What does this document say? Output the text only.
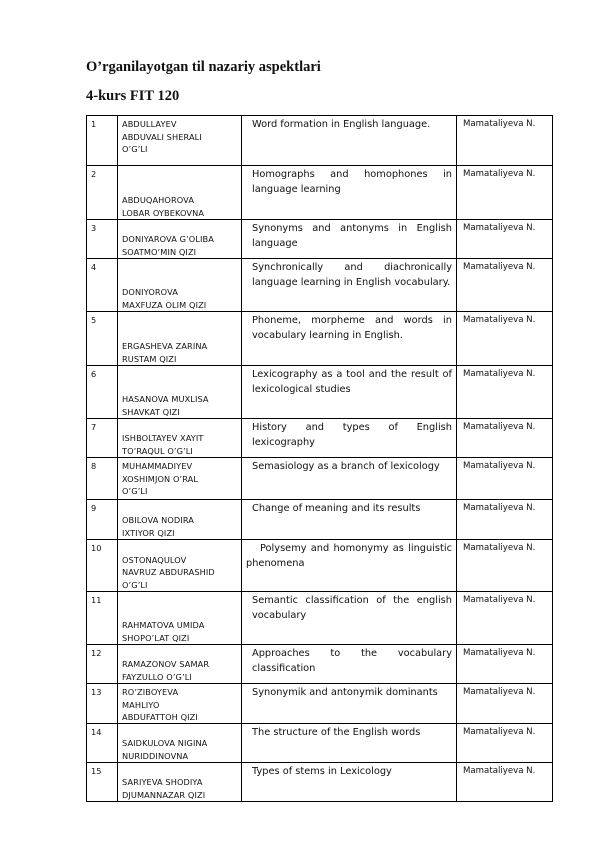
O’rganilayotgan til nazariy aspektlari

4-kurs FIT 120

1	ABDULLAYEV
ABDUVALI SHERALI
O’G’LI	Word formation in English language.	Mamataliyeva N.
2	ABDUQAHOROVA
LOBAR OYBEKOVNA	Homographs and homophones in language learning	Mamataliyeva N.
3	DONIYAROVA G’OLIBA
SOATMO’MIN QIZI	Synonyms and antonyms in English language	Mamataliyeva N.
4	DONIYOROVA
MAXFUZA OLIM QIZI	Synchronically and diachronically language learning in English vocabulary.	Mamataliyeva N.
5	ERGASHEVA ZARINA
RUSTAM QIZI	Phoneme, morpheme and words in vocabulary learning in English.	Mamataliyeva N.
6	HASANOVA MUXLISA
SHAVKAT QIZI	Lexicography as a tool and the result of lexicological studies	Mamataliyeva N.
7	ISHBOLTAYEV XAYIT
TO’RAQUL O’G’LI	History and types of English lexicography	Mamataliyeva N.
8	MUHAMMADIYEV
XOSHIMJON O’RAL
O’G’LI	Semasiology as a branch of lexicology	Mamataliyeva N.
9	OBILOVA NODIRA
IXTIYOR QIZI	Change of meaning and its results	Mamataliyeva N.
10	OSTONAQULOV
NAVRUZ ABDURASHID
O’G’LI	Polysemy and homonymy as linguistic phenomena	Mamataliyeva N.
11	RAHMATOVA UMIDA
SHOPO’LAT QIZI	Semantic classification of the english vocabulary	Mamataliyeva N.
12	RAMAZONOV SAMAR
FAYZULLO O’G’LI	Approaches to the vocabulary classification	Mamataliyeva N.
13	RO’ZIBOYEVA
MAHLIYO
ABDUFATTOH QIZI	Synonymik and antonymik dominants	Mamataliyeva N.
14	SAIDKULOVA NIGINA
NURIDDINOVNA	The structure of the English words	Mamataliyeva N.
15	SARIYEVA SHODIYA
DJUMANNAZAR QIZI	Types of stems in Lexicology	Mamataliyeva N.
